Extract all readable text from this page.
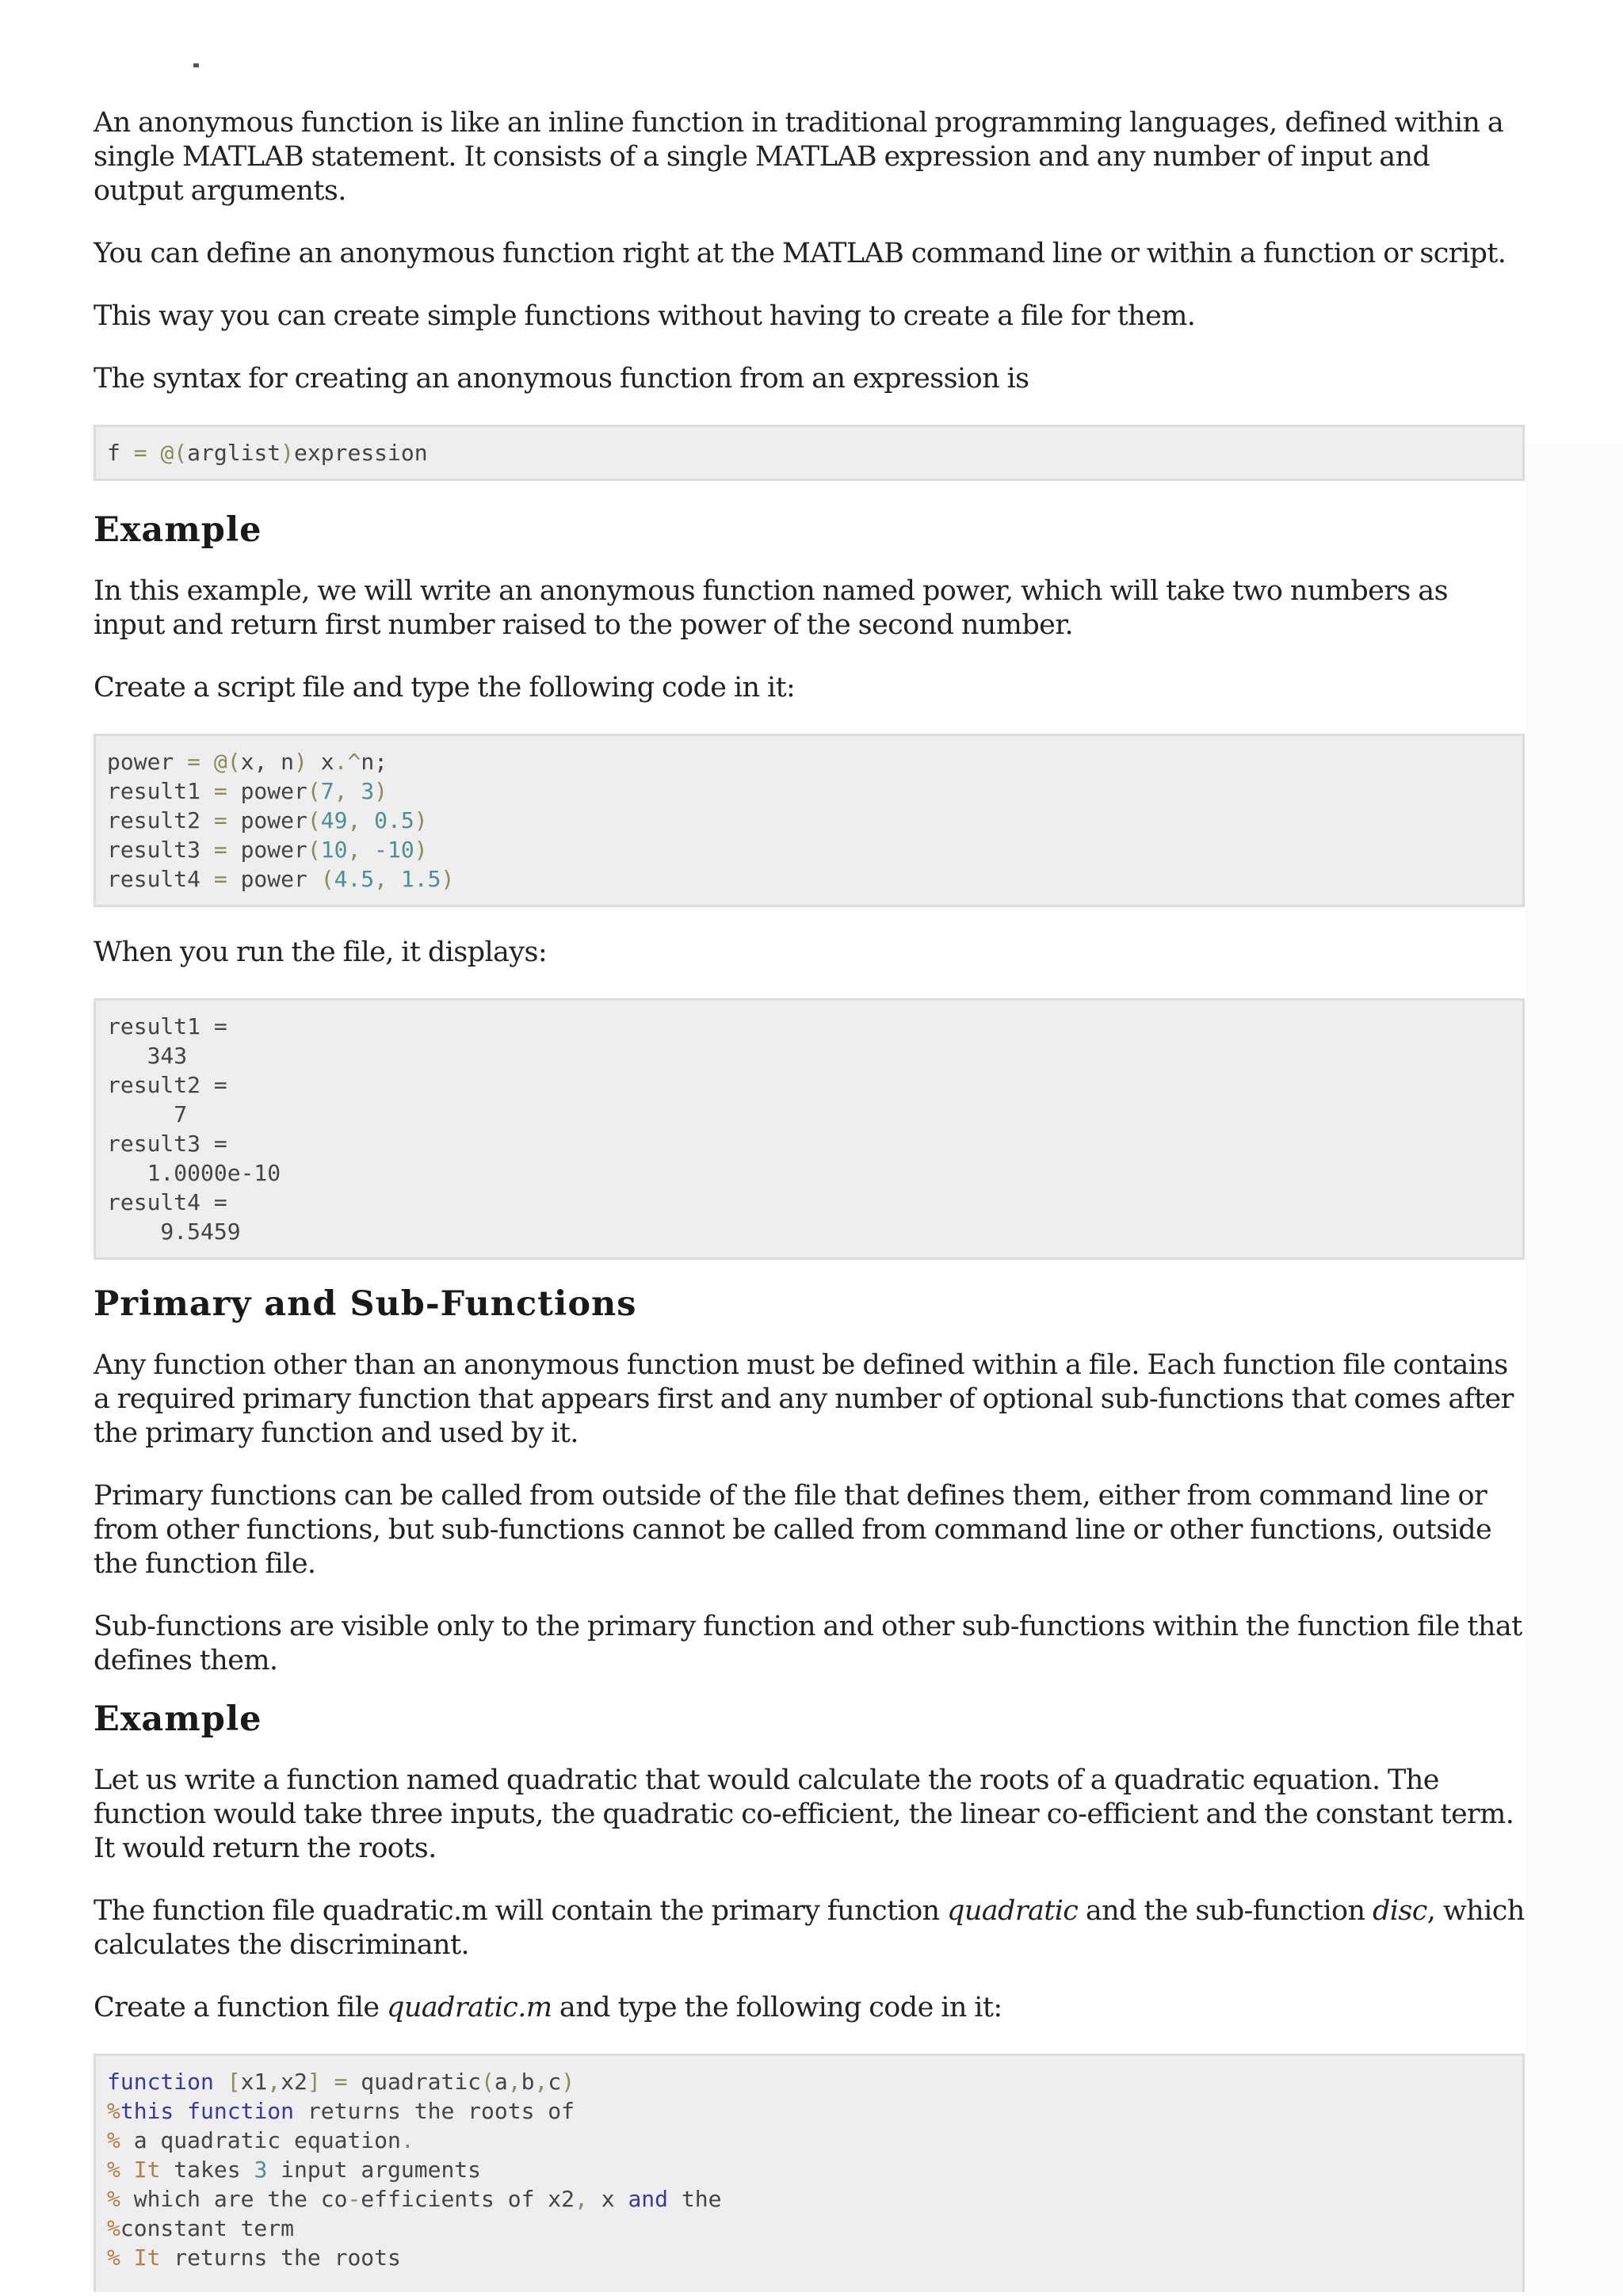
An anonymous function is like an inline function in traditional programming languages, defined within a single MATLAB statement. It consists of a single MATLAB expression and any number of input and output arguments.

You can define an anonymous function right at the MATLAB command line or within a function or script.

This way you can create simple functions without having to create a file for them.

The syntax for creating an anonymous function from an expression is

f = @(arglist)expression
Example

In this example, we will write an anonymous function named power, which will take two numbers as input and return first number raised to the power of the second number.

Create a script file and type the following code in it:

power = @(x, n) x.^n;
result1 = power(7, 3)
result2 = power(49, 0.5)
result3 = power(10, -10)
result4 = power (4.5, 1.5)

When you run the file, it displays:

result1 =
343
result2 =
7
result3 =
1.0000e-10
result4 =
9.5459
Primary and Sub-Functions

Any function other than an anonymous function must be defined within a file. Each function file contains a required primary function that appears first and any number of optional sub-functions that comes after the primary function and used by it.

Primary functions can be called from outside of the file that defines them, either from command line or from other functions, but sub-functions cannot be called from command line or other functions, outside the function file.

Sub-functions are visible only to the primary function and other sub-functions within the function file that defines them.

Example

Let us write a function named quadratic that would calculate the roots of a quadratic equation. The function would take three inputs, the quadratic co-efficient, the linear co-efficient and the constant term. It would return the roots.

The function file quadratic.m will contain the primary function quadratic and the sub-function disc, which calculates the discriminant.

Create a function file quadratic.m and type the following code in it:

function [x1,x2] = quadratic(a,b,c)
%this function returns the roots of
% a quadratic equation.
% It takes 3 input arguments
% which are the co-efficients of x2, x and the
%constant term
% It returns the roots
